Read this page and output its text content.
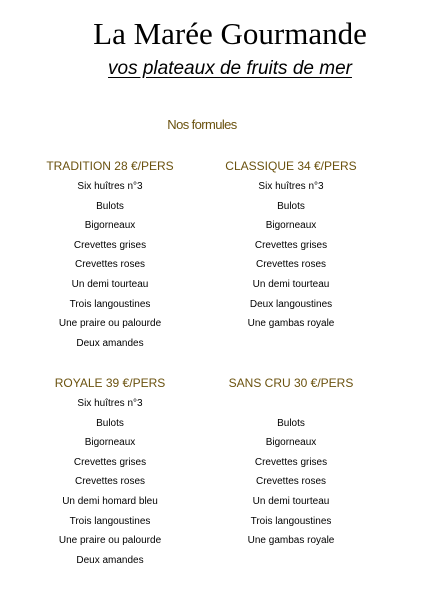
La Marée Gourmande
vos plateaux de fruits de mer
Nos formules
TRADITION 28 €/PERS
Six huîtres n°3
Bulots
Bigorneaux
Crevettes grises
Crevettes roses
Un demi tourteau
Trois langoustines
Une praire ou palourde
Deux amandes
CLASSIQUE 34 €/PERS
Six huîtres n°3
Bulots
Bigorneaux
Crevettes grises
Crevettes roses
Un demi tourteau
Deux langoustines
Une gambas royale
ROYALE 39 €/PERS
Six huîtres n°3
Bulots
Bigorneaux
Crevettes grises
Crevettes roses
Un demi homard bleu
Trois langoustines
Une praire ou palourde
Deux amandes
SANS CRU 30 €/PERS
Bulots
Bigorneaux
Crevettes grises
Crevettes roses
Un demi tourteau
Trois langoustines
Une gambas royale
